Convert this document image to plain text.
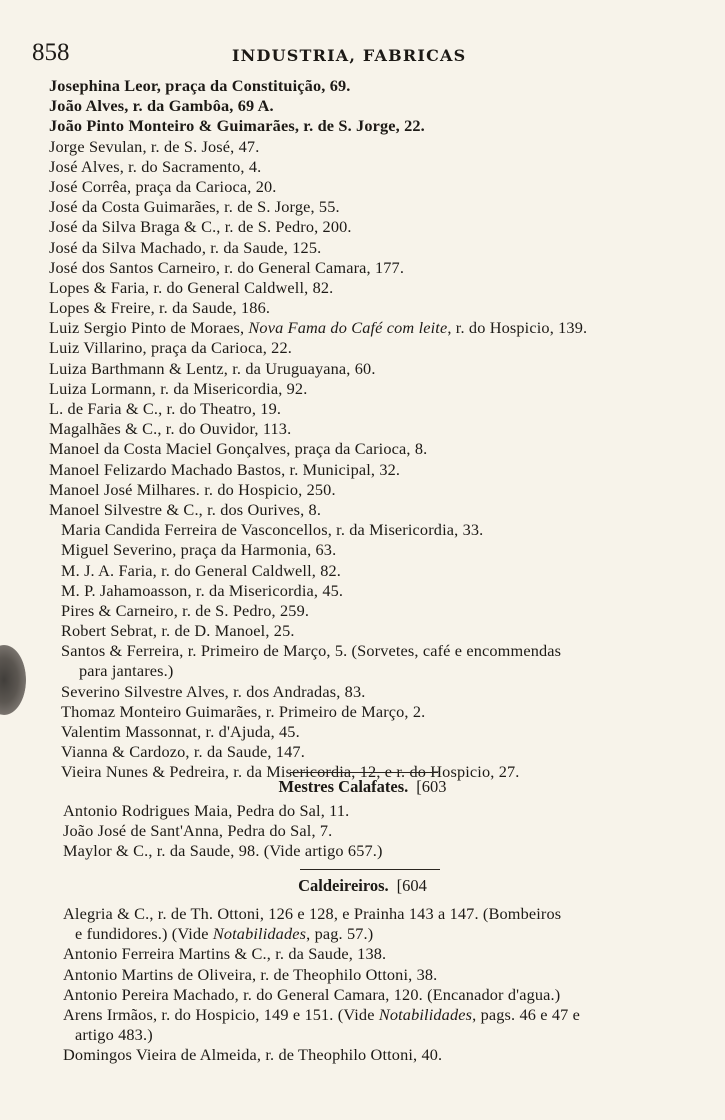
858	INDUSTRIA, FABRICAS
Josephina Leor, praça da Constituição, 69.
João Alves, r. da Gambôa, 69 A.
João Pinto Monteiro & Guimarães, r. de S. Jorge, 22.
Jorge Sevulan, r. de S. José, 47.
José Alves, r. do Sacramento, 4.
José Corrêa, praça da Carioca, 20.
José da Costa Guimarães, r. de S. Jorge, 55.
José da Silva Braga & C., r. de S. Pedro, 200.
José da Silva Machado, r. da Saude, 125.
José dos Santos Carneiro, r. do General Camara, 177.
Lopes & Faria, r. do General Caldwell, 82.
Lopes & Freire, r. da Saude, 186.
Luiz Sergio Pinto de Moraes, Nova Fama do Café com leite, r. do Hospicio, 139.
Luiz Villarino, praça da Carioca, 22.
Luiza Barthmann & Lentz, r. da Uruguayana, 60.
Luiza Lormann, r. da Misericordia, 92.
L. de Faria & C., r. do Theatro, 19.
Magalhães & C., r. do Ouvidor, 113.
Manoel da Costa Maciel Gonçalves, praça da Carioca, 8.
Manoel Felizardo Machado Bastos, r. Municipal, 32.
Manoel José Milhares. r. do Hospicio, 250.
Manoel Silvestre & C., r. dos Ourives, 8.
Maria Candida Ferreira de Vasconcellos, r. da Misericordia, 33.
Miguel Severino, praça da Harmonia, 63.
M. J. A. Faria, r. do General Caldwell, 82.
M. P. Jahamoasson, r. da Misericordia, 45.
Pires & Carneiro, r. de S. Pedro, 259.
Robert Sebrat, r. de D. Manoel, 25.
Santos & Ferreira, r. Primeiro de Março, 5. (Sorvetes, café e encommendas
para jantares.)
Severino Silvestre Alves, r. dos Andradas, 83.
Thomaz Monteiro Guimarães, r. Primeiro de Março, 2.
Valentim Massonnat, r. d'Ajuda, 45.
Vianna & Cardozo, r. da Saude, 147.
Vieira Nunes & Pedreira, r. da Misericordia, 12, e r. do Hospicio, 27.
Mestres Calafates. [603
Antonio Rodrigues Maia, Pedra do Sal, 11.
João José de Sant'Anna, Pedra do Sal, 7.
Maylor & C., r. da Saude, 98. (Vide artigo 657.)
Caldeireiros. [604
Alegria & C., r. de Th. Ottoni, 126 e 128, e Prainha 143 a 147. (Bombeiros
e fundidores.) (Vide Notabilidades, pag. 57.)
Antonio Ferreira Martins & C., r. da Saude, 138.
Antonio Martins de Oliveira, r. de Theophilo Ottoni, 38.
Antonio Pereira Machado, r. do General Camara, 120. (Encanador d'agua.)
Arens Irmãos, r. do Hospicio, 149 e 151. (Vide Notabilidades, pags. 46 e 47 e
artigo 483.)
Domingos Vieira de Almeida, r. de Theophilo Ottoni, 40.
